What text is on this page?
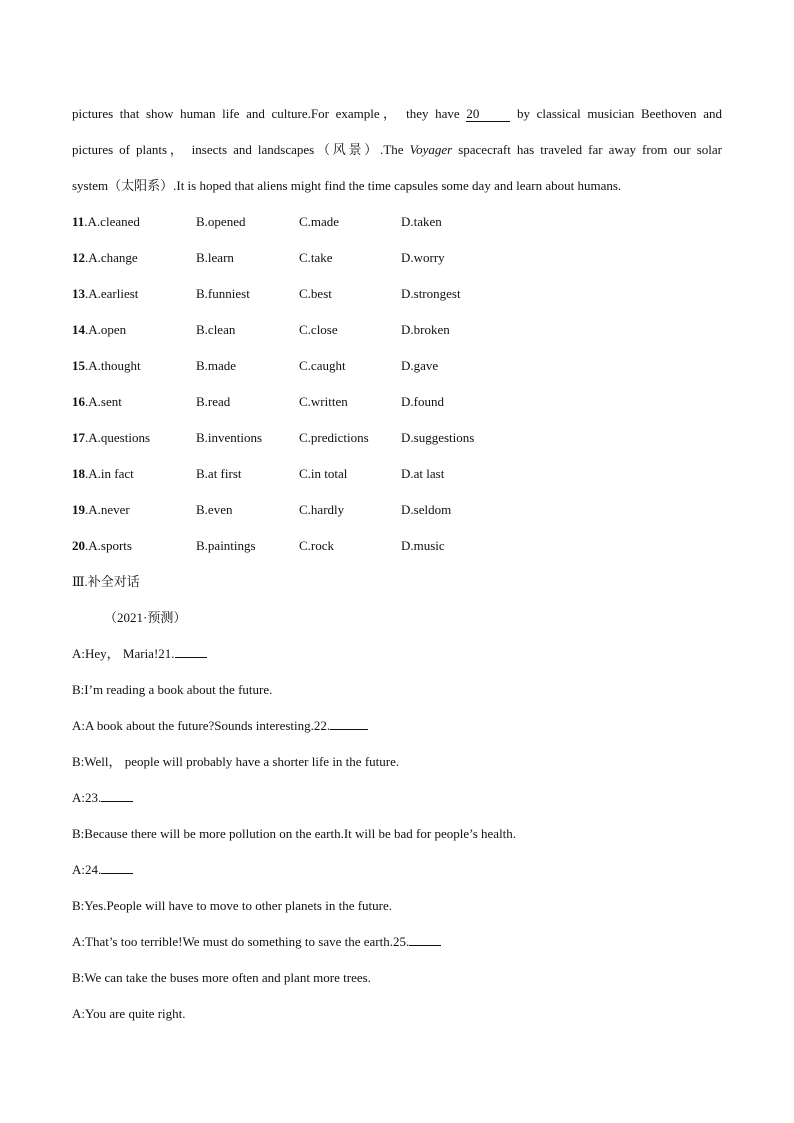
pictures that show human life and culture.For example， they have 20 by classical musician Beethoven and
pictures of plants， insects and landscapes（风景）.The Voyager spacecraft has traveled far away from our solar
system（太阳系）.It is hoped that aliens might find the time capsules some day and learn about humans.
11.A.cleaned	B.opened	C.made	D.taken
12.A.change	B.learn	C.take	D.worry
13.A.earliest	B.funniest	C.best	D.strongest
14.A.open	B.clean	C.close	D.broken
15.A.thought	B.made	C.caught	D.gave
16.A.sent	B.read	C.written	D.found
17.A.questions	B.inventions	C.predictions D.suggestions
18.A.in fact	B.at first	C.in total	D.at last
19.A.never	B.even	C.hardly	D.seldom
20.A.sports	B.paintings	C.rock	D.music
Ⅲ.补全对话
（2021·预测）
A:Hey， Maria!21.
B:I’m reading a book about the future.
A:A book about the future?Sounds interesting.22.
B:Well， people will probably have a shorter life in the future.
A:23.
B:Because there will be more pollution on the earth.It will be bad for people’s health.
A:24.
B:Yes.People will have to move to other planets in the future.
A:That’s too terrible!We must do something to save the earth.25.
B:We can take the buses more often and plant more trees.
A:You are quite right.
